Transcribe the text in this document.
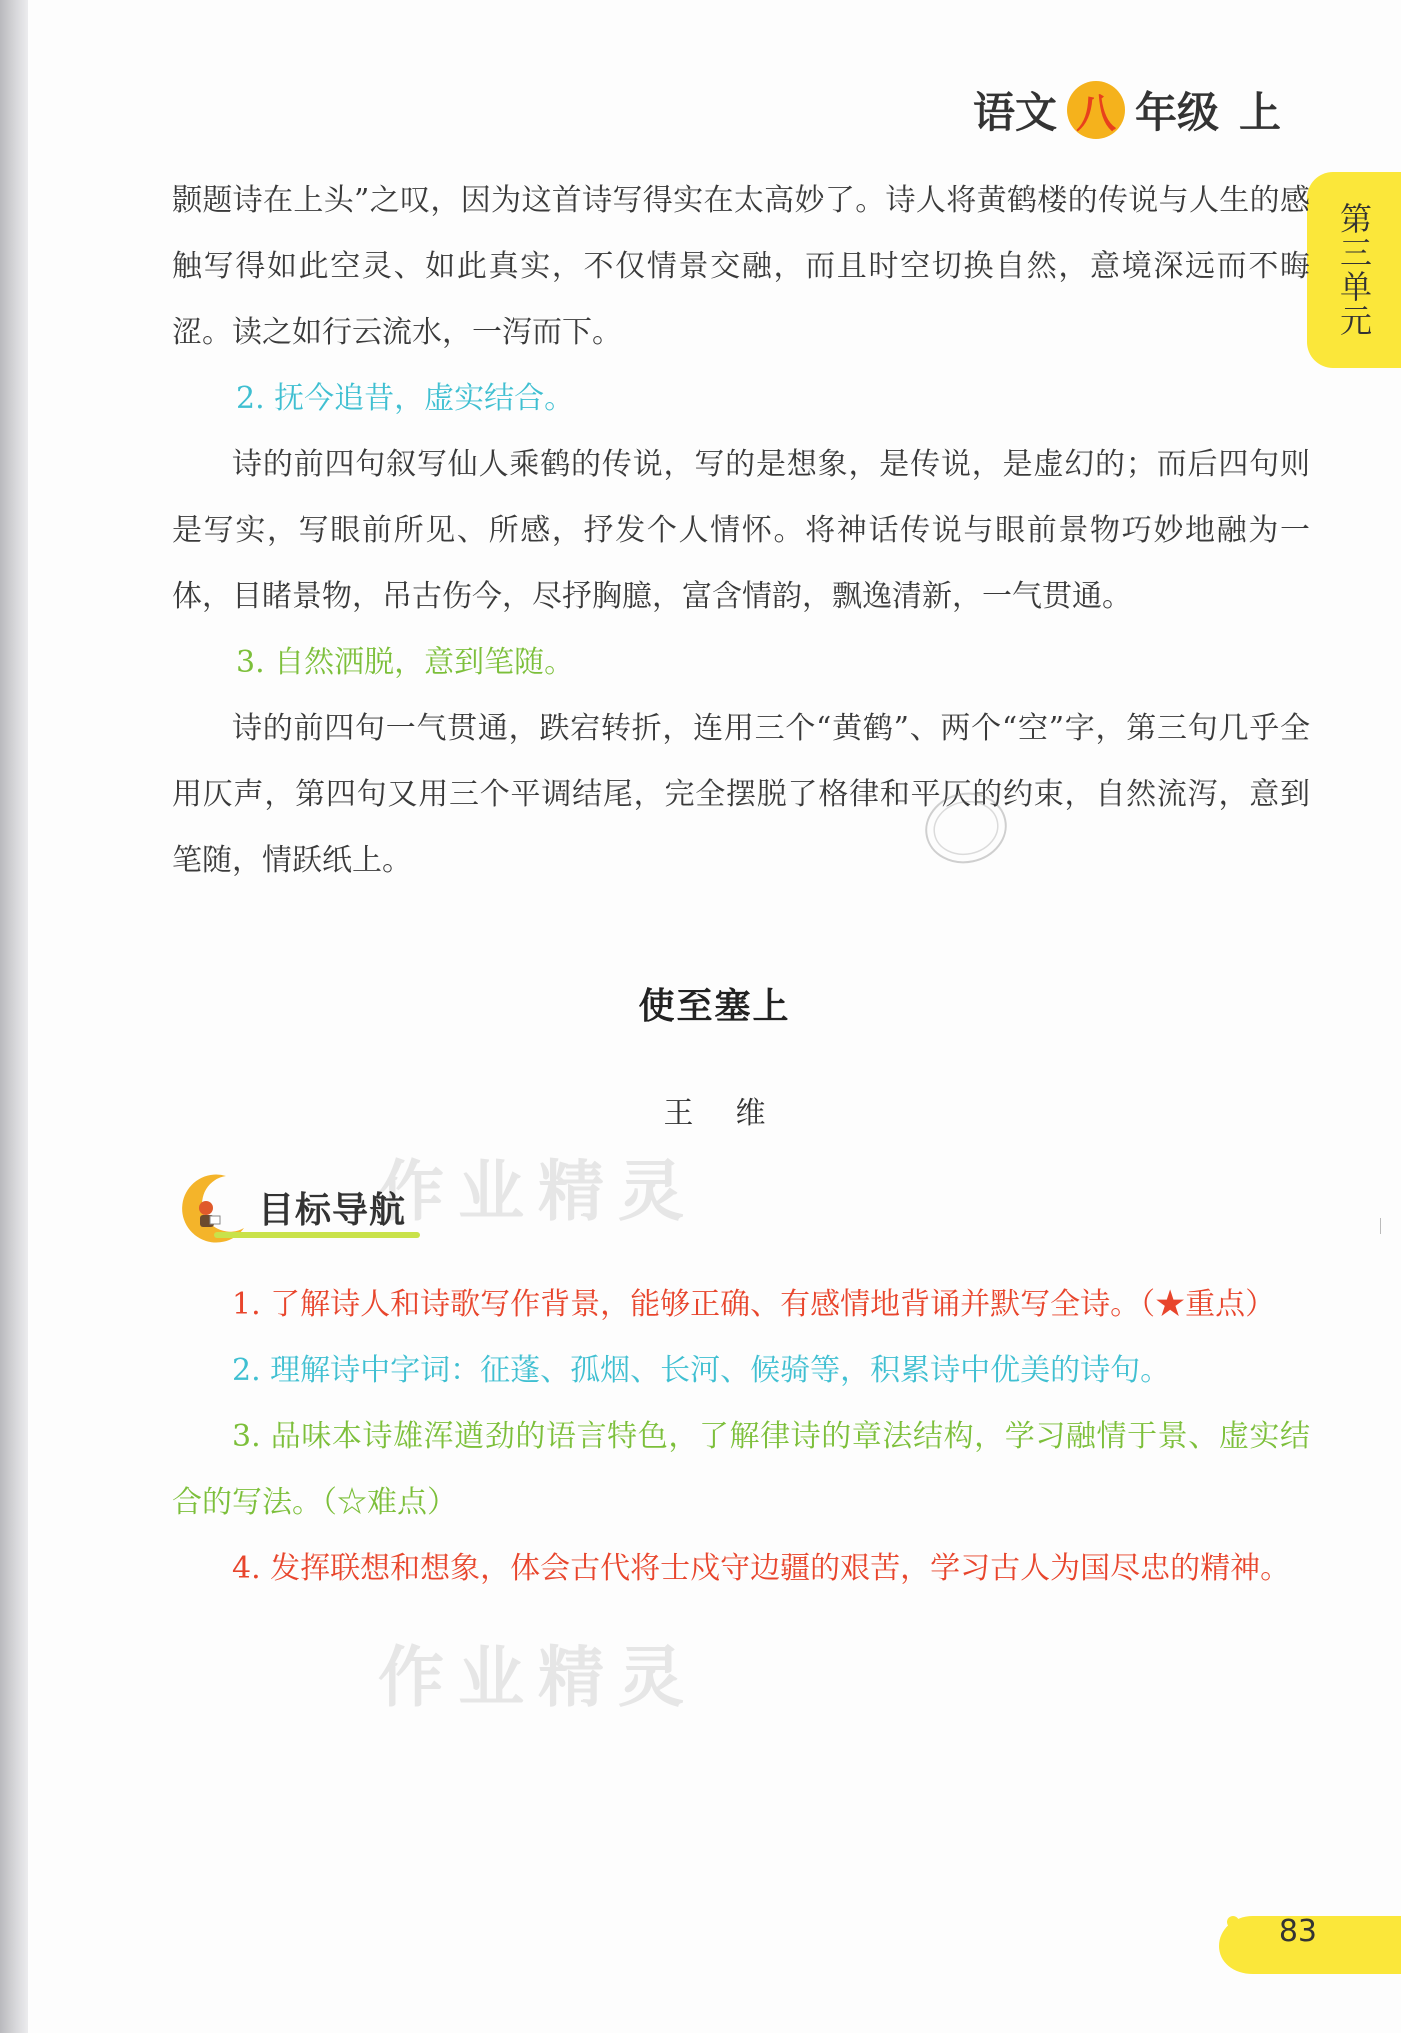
语文 八 年级 上
第三单元

颢题诗在上头”之叹，因为这首诗写得实在太高妙了。诗人将黄鹤楼的传说与人生的感触写得如此空灵、如此真实，不仅情景交融，而且时空切换自然，意境深远而不晦涩。读之如行云流水，一泻而下。

2. 抚今追昔，虚实结合。

诗的前四句叙写仙人乘鹤的传说，写的是想象，是传说，是虚幻的；而后四句则是写实，写眼前所见、所感，抒发个人情怀。将神话传说与眼前景物巧妙地融为一体，目睹景物，吊古伤今，尽抒胸臆，富含情韵，飘逸清新，一气贯通。

3. 自然洒脱，意到笔随。

诗的前四句一气贯通，跌宕转折，连用三个“黄鹤”、两个“空”字，第三句几乎全用仄声，第四句又用三个平调结尾，完全摆脱了格律和平仄的约束，自然流泻，意到笔随，情跃纸上。

使至塞上
王 维
作业精灵
目标导航

1. 了解诗人和诗歌写作背景，能够正确、有感情地背诵并默写全诗。（★重点）

2. 理解诗中字词：征蓬、孤烟、长河、候骑等，积累诗中优美的诗句。

3. 品味本诗雄浑遒劲的语言特色，了解律诗的章法结构，学习融情于景、虚实结合的写法。（☆难点）

4. 发挥联想和想象，体会古代将士戍守边疆的艰苦，学习古人为国尽忠的精神。

作业精灵
83
